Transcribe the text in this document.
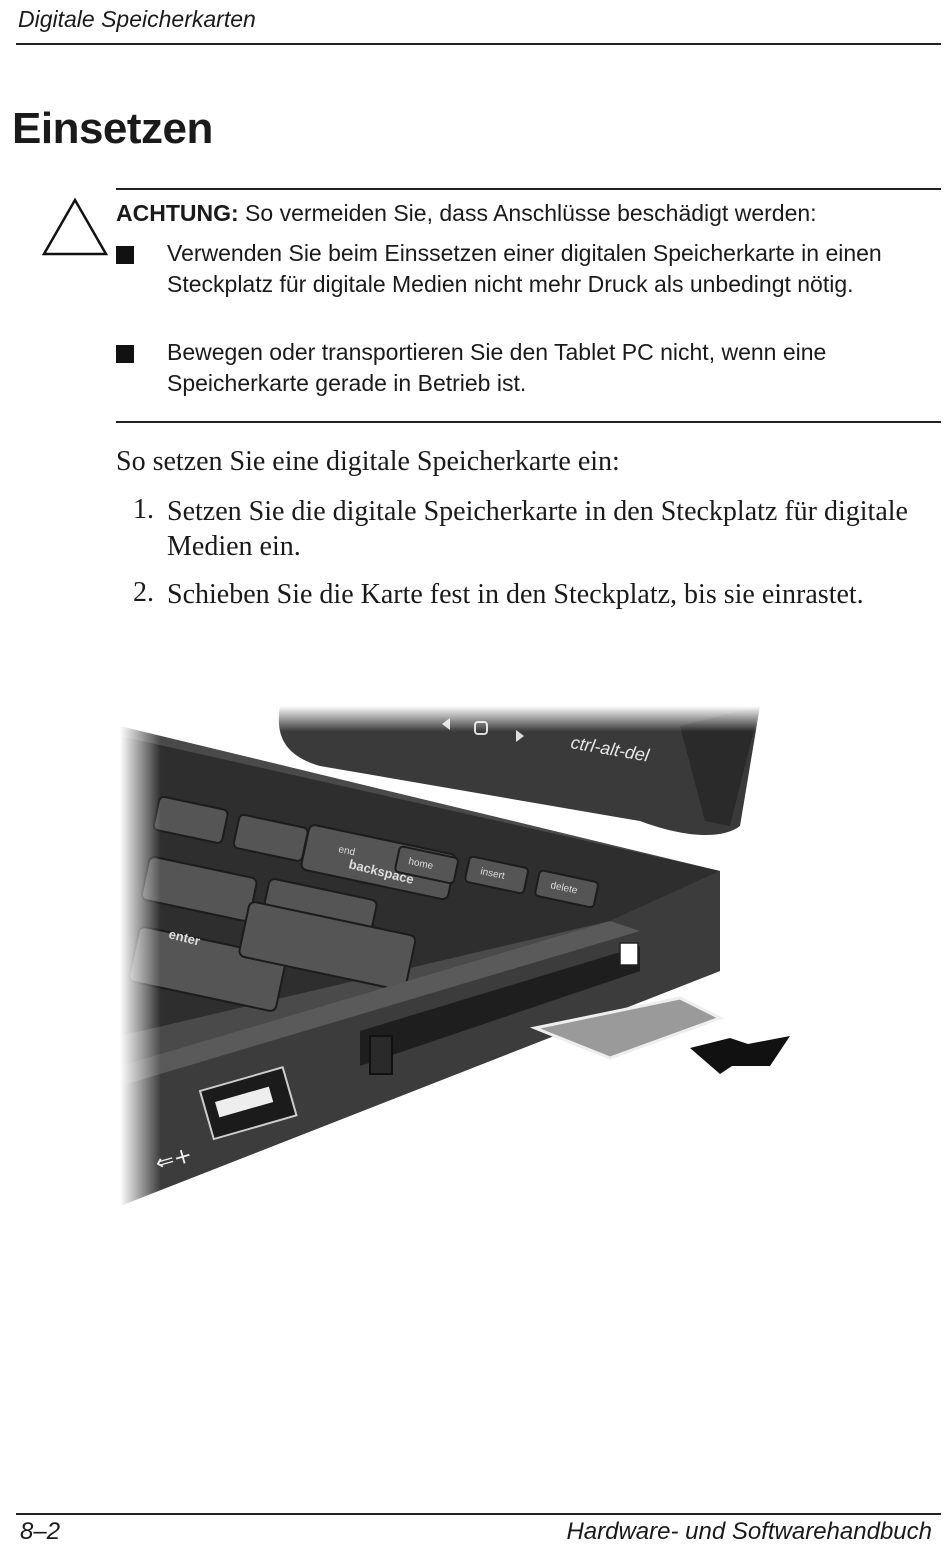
Digitale Speicherkarten
Einsetzen
ACHTUNG: So vermeiden Sie, dass Anschlüsse beschädigt werden:
Verwenden Sie beim Einssetzen einer digitalen Speicherkarte in einen Steckplatz für digitale Medien nicht mehr Druck als unbedingt nötig.
Bewegen oder transportieren Sie den Tablet PC nicht, wenn eine Speicherkarte gerade in Betrieb ist.
So setzen Sie eine digitale Speicherkarte ein:
1. Setzen Sie die digitale Speicherkarte in den Steckplatz für digitale Medien ein.
2. Schieben Sie die Karte fest in den Steckplatz, bis sie einrastet.
8–2	Hardware- und Softwarehandbuch
